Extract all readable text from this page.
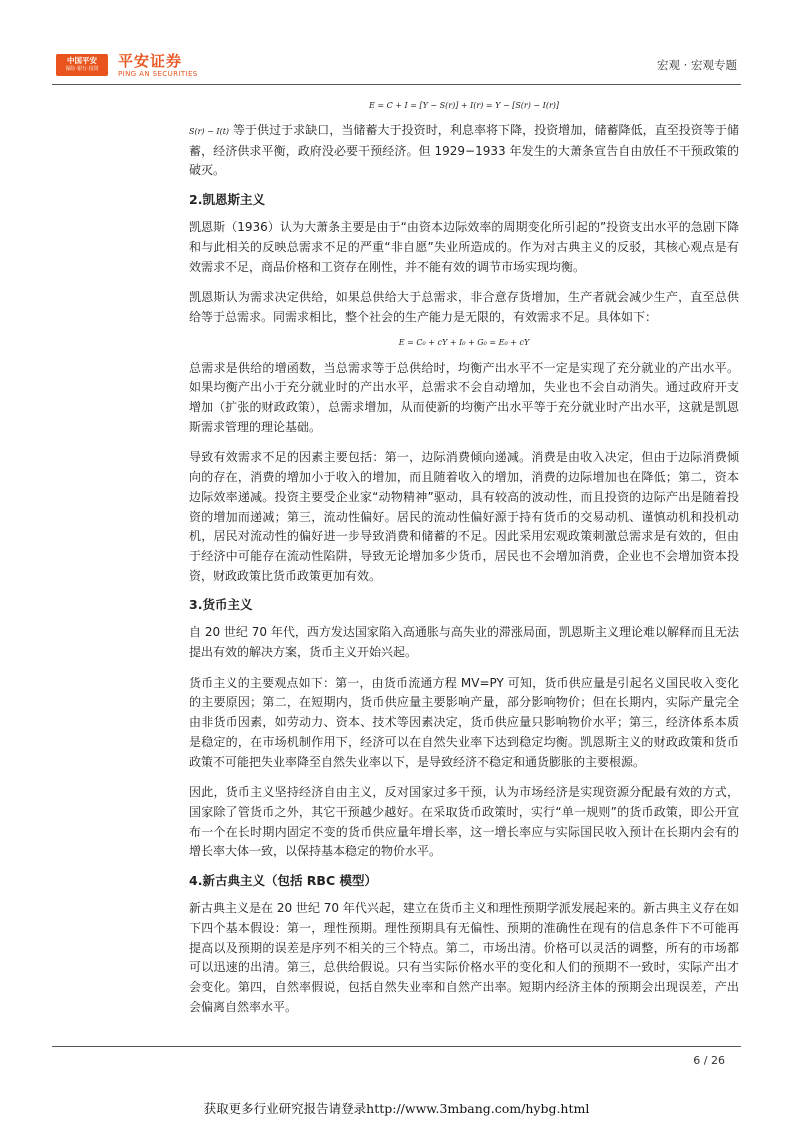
中国平安
保险·银行·投资	平安证券
PING AN SECURITIES
宏观 · 宏观专题
E = C + I = [Y − S(r)] + I(r) = Y − [S(r) − I(r)]

S(r) − I(t) 等于供过于求缺口，当储蓄大于投资时，利息率将下降，投资增加，储蓄降低，直至投资等于储蓄，经济供求平衡，政府没必要干预经济。但 1929−1933 年发生的大萧条宣告自由放任不干预政策的破灭。

2.凯恩斯主义

凯恩斯（1936）认为大萧条主要是由于“由资本边际效率的周期变化所引起的”投资支出水平的急剧下降和与此相关的反映总需求不足的严重“非自愿”失业所造成的。作为对古典主义的反驳，其核心观点是有效需求不足，商品价格和工资存在刚性，并不能有效的调节市场实现均衡。

凯恩斯认为需求决定供给，如果总供给大于总需求，非合意存货增加，生产者就会减少生产，直至总供给等于总需求。同需求相比，整个社会的生产能力是无限的，有效需求不足。具体如下：

E = C₀ + cY + I₀ + G₀ = E₀ + cY

总需求是供给的增函数，当总需求等于总供给时，均衡产出水平不一定是实现了充分就业的产出水平。如果均衡产出小于充分就业时的产出水平，总需求不会自动增加，失业也不会自动消失。通过政府开支增加（扩张的财政政策），总需求增加，从而使新的均衡产出水平等于充分就业时产出水平，这就是凯恩斯需求管理的理论基础。

导致有效需求不足的因素主要包括：第一，边际消费倾向递减。消费是由收入决定，但由于边际消费倾向的存在，消费的增加小于收入的增加，而且随着收入的增加，消费的边际增加也在降低；第二，资本边际效率递减。投资主要受企业家“动物精神”驱动，具有较高的波动性，而且投资的边际产出是随着投资的增加而递减；第三，流动性偏好。居民的流动性偏好源于持有货币的交易动机、谨慎动机和投机动机，居民对流动性的偏好进一步导致消费和储蓄的不足。因此采用宏观政策刺激总需求是有效的，但由于经济中可能存在流动性陷阱，导致无论增加多少货币，居民也不会增加消费，企业也不会增加资本投资，财政政策比货币政策更加有效。

3.货币主义

自 20 世纪 70 年代，西方发达国家陷入高通胀与高失业的滞涨局面，凯恩斯主义理论难以解释而且无法提出有效的解决方案，货币主义开始兴起。

货币主义的主要观点如下：第一，由货币流通方程 MV=PY 可知，货币供应量是引起名义国民收入变化的主要原因；第二，在短期内，货币供应量主要影响产量，部分影响物价；但在长期内，实际产量完全由非货币因素，如劳动力、资本、技术等因素决定，货币供应量只影响物价水平；第三，经济体系本质是稳定的，在市场机制作用下，经济可以在自然失业率下达到稳定均衡。凯恩斯主义的财政政策和货币政策不可能把失业率降至自然失业率以下，是导致经济不稳定和通货膨胀的主要根源。

因此，货币主义坚持经济自由主义，反对国家过多干预，认为市场经济是实现资源分配最有效的方式，国家除了管货币之外，其它干预越少越好。在采取货币政策时，实行“单一规则”的货币政策，即公开宣布一个在长时期内固定不变的货币供应量年增长率，这一增长率应与实际国民收入预计在长期内会有的增长率大体一致，以保持基本稳定的物价水平。

4.新古典主义（包括 RBC 模型）

新古典主义是在 20 世纪 70 年代兴起，建立在货币主义和理性预期学派发展起来的。新古典主义存在如下四个基本假设：第一，理性预期。理性预期具有无偏性、预期的准确性在现有的信息条件下不可能再提高以及预期的误差是序列不相关的三个特点。第二，市场出清。价格可以灵活的调整，所有的市场都可以迅速的出清。第三，总供给假说。只有当实际价格水平的变化和人们的预期不一致时，实际产出才会变化。第四，自然率假说，包括自然失业率和自然产出率。短期内经济主体的预期会出现误差，产出会偏离自然率水平。

6 / 26
获取更多行业研究报告请登录http://www.3mbang.com/hybg.html
